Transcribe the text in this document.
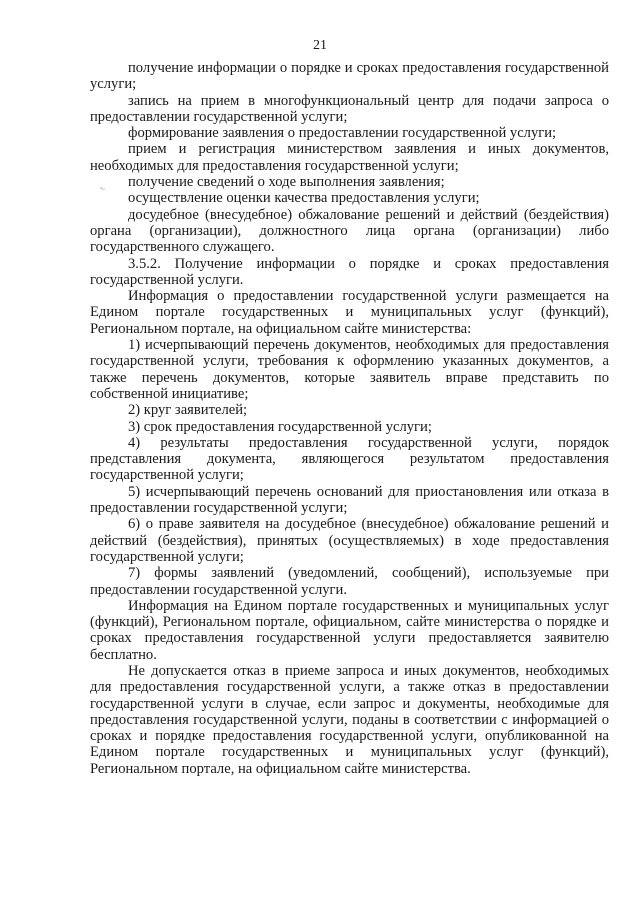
21
ᵔᵕ

получение информации о порядке и сроках предоставления государственной услуги;

запись на прием в многофункциональный центр для подачи запроса о предоставлении государственной услуги;

формирование заявления о предоставлении государственной услуги;

прием и регистрация министерством заявления и иных документов, необходимых для предоставления государственной услуги;

получение сведений о ходе выполнения заявления;

осуществление оценки качества предоставления услуги;

досудебное (внесудебное) обжалование решений и действий (бездействия) органа (организации), должностного лица органа (организации) либо государственного служащего.

3.5.2. Получение информации о порядке и сроках предоставления государственной услуги.

Информация о предоставлении государственной услуги размещается на Едином портале государственных и муниципальных услуг (функций), Региональном портале, на официальном сайте министерства:

1) исчерпывающий перечень документов, необходимых для предоставления государственной услуги, требования к оформлению указанных документов, а также перечень документов, которые заявитель вправе представить по собственной инициативе;

2) круг заявителей;

3) срок предоставления государственной услуги;

4) результаты предоставления государственной услуги, порядок представления документа, являющегося результатом предоставления государственной услуги;

5) исчерпывающий перечень оснований для приостановления или отказа в предоставлении государственной услуги;

6) о праве заявителя на досудебное (внесудебное) обжалование решений и действий (бездействия), принятых (осуществляемых) в ходе предоставления государственной услуги;

7) формы заявлений (уведомлений, сообщений), используемые при предоставлении государственной услуги.

Информация на Едином портале государственных и муниципальных услуг (функций), Региональном портале, официальном, сайте министерства о порядке и сроках предоставления государственной услуги предоставляется заявителю бесплатно.

Не допускается отказ в приеме запроса и иных документов, необходимых для предоставления государственной услуги, а также отказ в предоставлении государственной услуги в случае, если запрос и документы, необходимые для предоставления государственной услуги, поданы в соответствии с информацией о сроках и порядке предоставления государственной услуги, опубликованной на Едином портале государственных и муниципальных услуг (функций), Региональном портале, на официальном сайте министерства.
